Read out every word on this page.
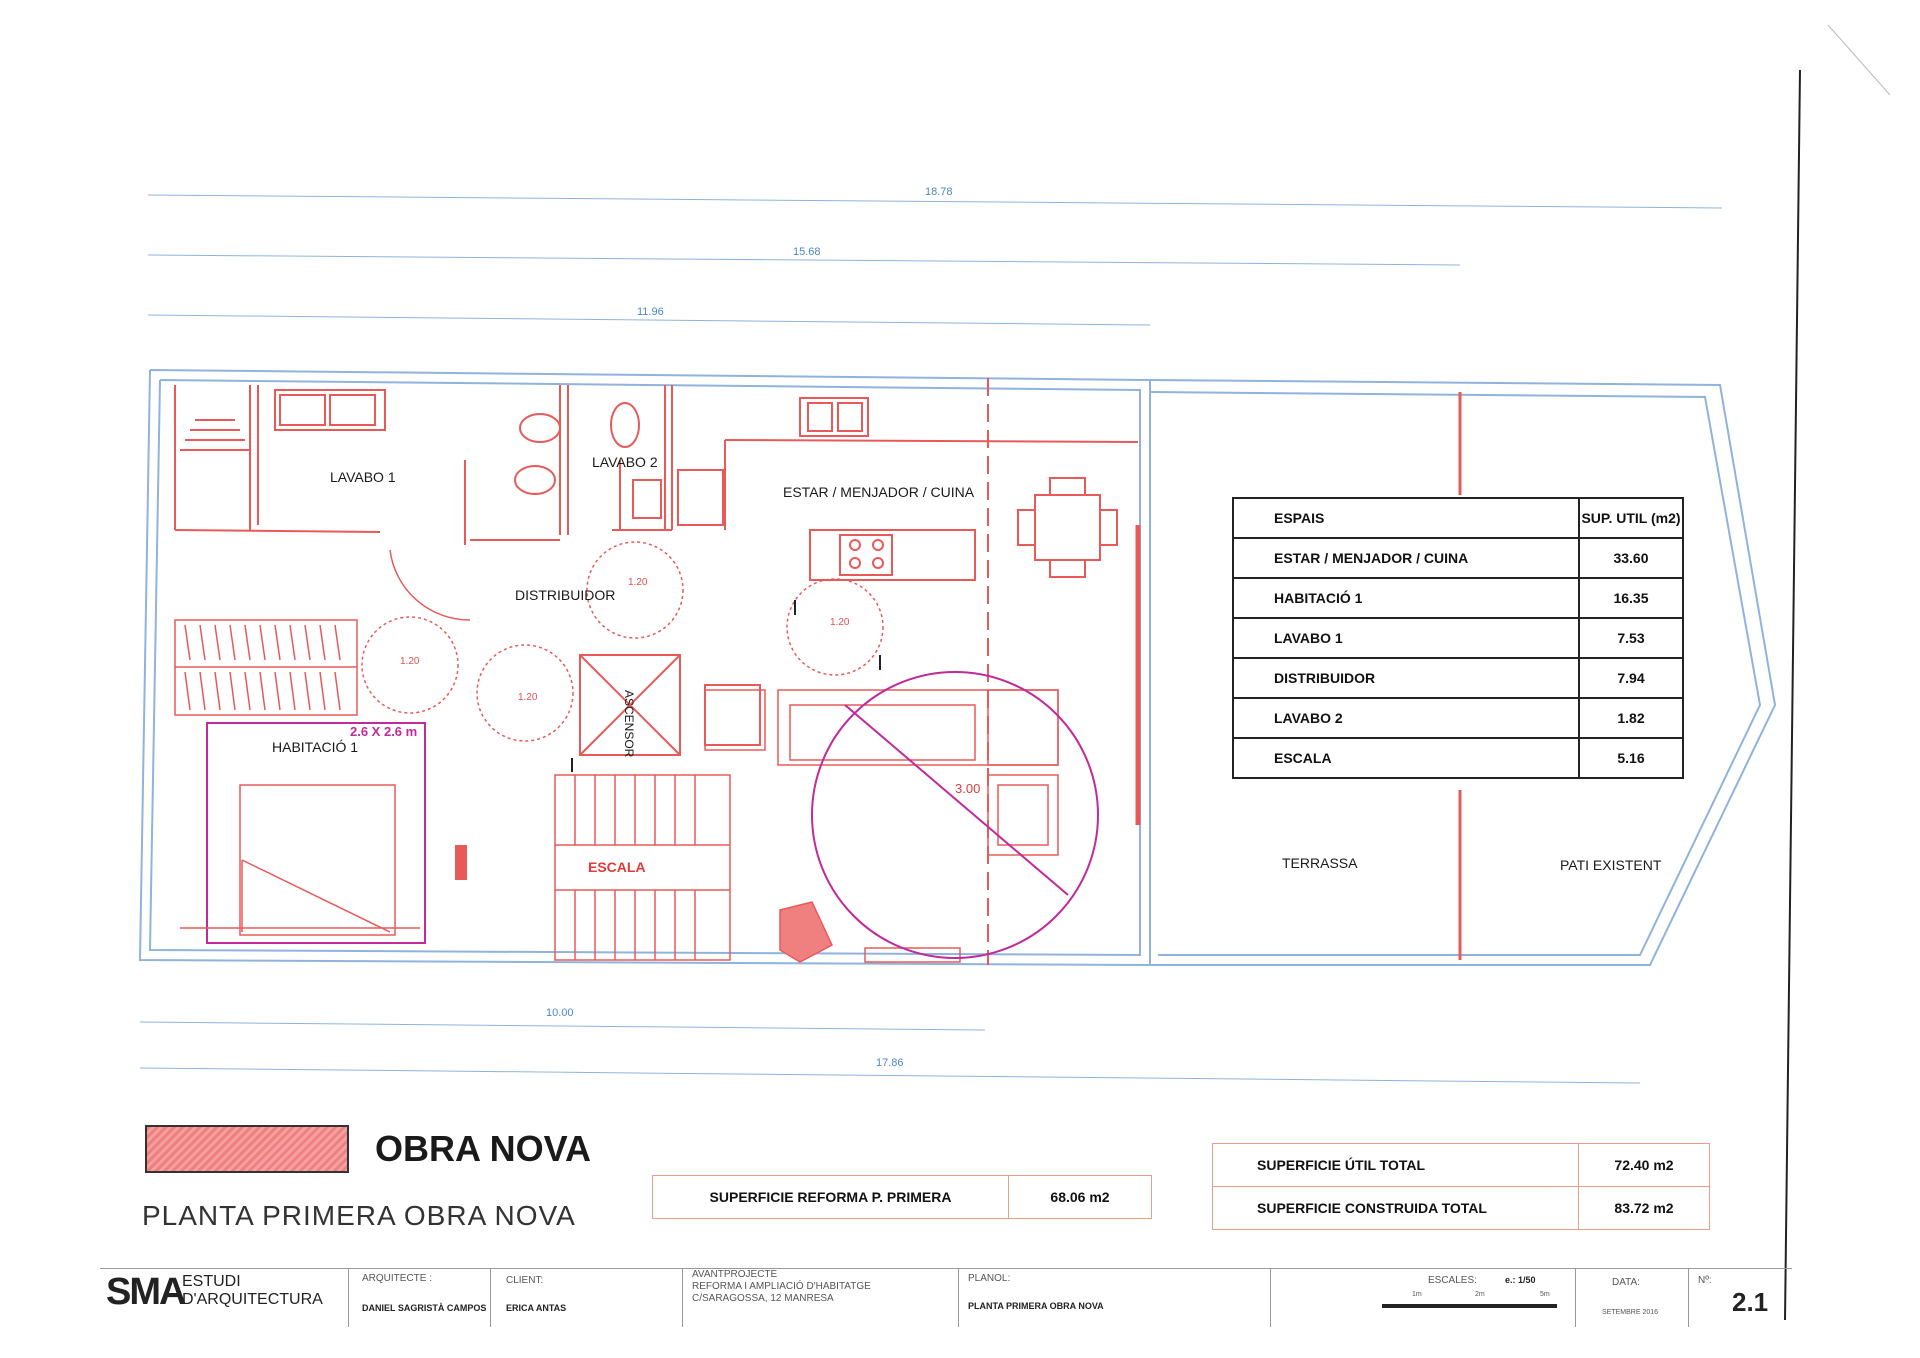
18.78
15.68
11.96
10.00
17.86
LAVABO 1
LAVABO 2
ESTAR / MENJADOR / CUINA
DISTRIBUIDOR
1.20
1.20
1.20
1.20
2.6 X 2.6 m
HABITACIÓ 1	ASCENSOR
ESCALA
3.00
TERRASSA	PATI EXISTENT
ESPAIS	SUP. UTIL (m2)
ESTAR / MENJADOR / CUINA	33.60
HABITACIÓ 1	16.35
LAVABO 1	7.53
DISTRIBUIDOR	7.94
LAVABO 2	1.82
ESCALA	5.16
OBRA NOVA
PLANTA PRIMERA OBRA NOVA
SUPERFICIE REFORMA P. PRIMERA	68.06 m2
SUPERFICIE ÚTIL TOTAL	72.40 m2
SUPERFICIE CONSTRUIDA TOTAL	83.72 m2
SMA
ESTUDI
D'ARQUITECTURA
ARQUITECTE :
DANIEL SAGRISTÀ CAMPOS
CLIENT:
ERICA ANTAS
AVANTPROJECTE
REFORMA I AMPLIACIÓ D'HABITATGE
C/SARAGOSSA, 12 MANRESA
PLANOL:
PLANTA PRIMERA OBRA NOVA
ESCALES:	e.: 1/50
1m	2m	5m
DATA:
SETEMBRE 2016
Nº:
2.1
